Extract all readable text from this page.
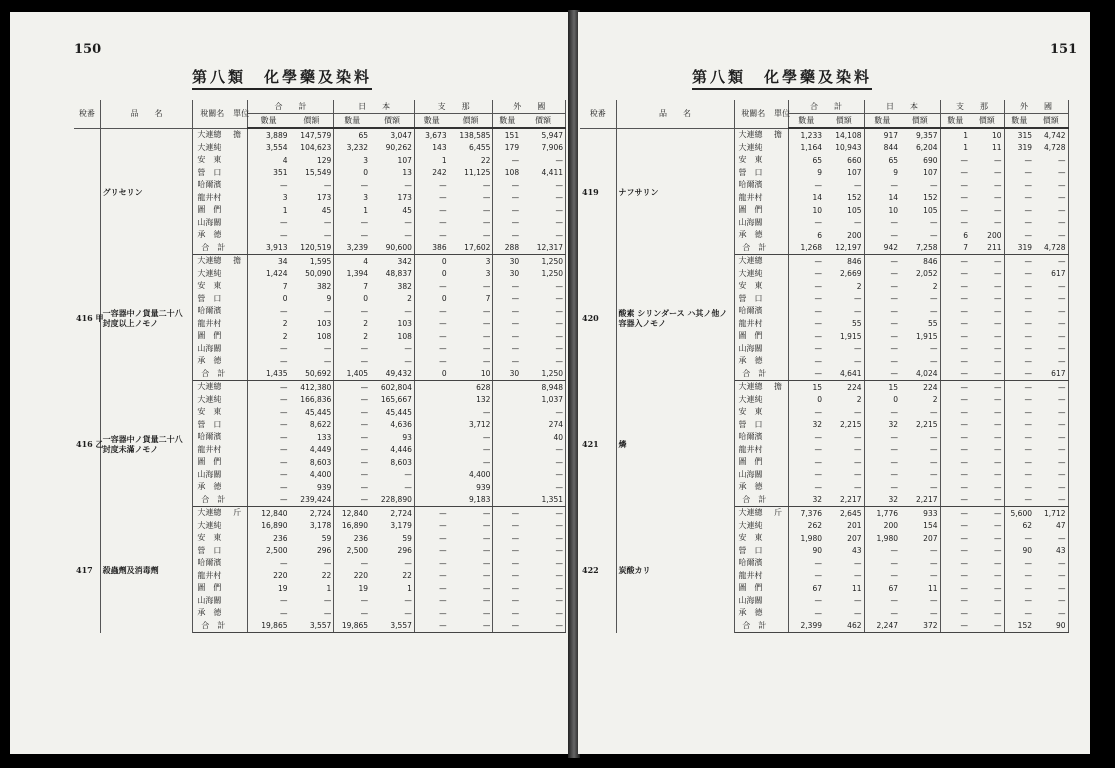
150
第八類　化學藥及染料
稅番	品　　名	稅關名	單位	合　　計		日　　本		支　　那		外　　國	
				數量	價額	數量	價額	數量	價額	數量	價額
	グリセリン	大連總	擔	3,889	147,579	65	3,047	3,673	138,585	151	5,947
		大連純		3,554	104,623	3,232	90,262	143	6,455	179	7,906
		安　東		4	129	3	107	1	22	—	—
		營　口		351	15,549	0	13	242	11,125	108	4,411
		哈爾濱		—	—	—	—	—	—	—	—
		龍井村		3	173	3	173	—	—	—	—
		圖　們		1	45	1	45	—	—	—	—
		山海關		—	—	—	—	—	—	—	—
		承　德		—	—	—	—	—	—	—	—
		合　計		3,913	120,519	3,239	90,600	386	17,602	288	12,317
416 甲	一容器中ノ貨量二十八封度以上ノモノ	大連總	擔	34	1,595	4	342	0	3	30	1,250
		大連純		1,424	50,090	1,394	48,837	0	3	30	1,250
		安　東		7	382	7	382	—	—	—	—
		營　口		0	9	0	2	0	7	—	—
		哈爾濱		—	—	—	—	—	—	—	—
		龍井村		2	103	2	103	—	—	—	—
		圖　們		2	108	2	108	—	—	—	—
		山海關		—	—	—	—	—	—	—	—
		承　德		—	—	—	—	—	—	—	—
		合　計		1,435	50,692	1,405	49,432	0	10	30	1,250
416 乙	一容器中ノ貨量二十八封度未滿ノモノ	大連總		—	412,380	—	602,804		628		8,948
		大連純		—	166,836	—	165,667		132		1,037
		安　東		—	45,445	—	45,445		—		—
		營　口		—	8,622	—	4,636		3,712		274
		哈爾濱		—	133	—	93		—		40
		龍井村		—	4,449	—	4,446		—		—
		圖　們		—	8,603	—	8,603		—		—
		山海關		—	4,400	—	—		4,400		—
		承　德		—	939	—	—		939		—
		合　計		—	239,424	—	228,890		9,183		1,351
417	殺蟲劑及消毒劑	大連總	斤	12,840	2,724	12,840	2,724	—	—	—	—
		大連純		16,890	3,178	16,890	3,179	—	—	—	—
		安　東		236	59	236	59	—	—	—	—
		營　口		2,500	296	2,500	296	—	—	—	—
		哈爾濱		—	—	—	—	—	—	—	—
		龍井村		220	22	220	22	—	—	—	—
		圖　們		19	1	19	1	—	—	—	—
		山海關		—	—	—	—	—	—	—	—
		承　德		—	—	—	—	—	—	—	—
		合　計		19,865	3,557	19,865	3,557	—	—	—	—
151
第八類　化學藥及染料
稅番	品　　名	稅關名	單位	合　　計		日　　本		支　　那		外　　國	
				數量	價額	數量	價額	數量	價額	數量	價額
419	ナフサリン	大連總	擔	1,233	14,108	917	9,357	1	10	315	4,742
		大連純		1,164	10,943	844	6,204	1	11	319	4,728
		安　東		65	660	65	690	—	—	—	—
		營　口		9	107	9	107	—	—	—	—
		哈爾濱		—	—	—	—	—	—	—	—
		龍井村		14	152	14	152	—	—	—	—
		圖　們		10	105	10	105	—	—	—	—
		山海關		—	—	—	—	—	—	—	—
		承　德		6	200	—	—	6	200	—	—
		合　計		1,268	12,197	942	7,258	7	211	319	4,728
420	酸素 シリンダース ハ其ノ他ノ容器入ノモノ	大連總		—	846	—	846	—	—	—	—
		大連純		—	2,669	—	2,052	—	—	—	617
		安　東		—	2	—	2	—	—	—	—
		營　口		—	—	—	—	—	—	—	—
		哈爾濱		—	—	—	—	—	—	—	—
		龍井村		—	55	—	55	—	—	—	—
		圖　們		—	1,915	—	1,915	—	—	—	—
		山海關		—	—	—	—	—	—	—	—
		承　德		—	—	—	—	—	—	—	—
		合　計		—	4,641	—	4,024	—	—	—	617
421	燐	大連總	擔	15	224	15	224	—	—	—	—
		大連純		0	2	0	2	—	—	—	—
		安　東		—	—	—	—	—	—	—	—
		營　口		32	2,215	32	2,215	—	—	—	—
		哈爾濱		—	—	—	—	—	—	—	—
		龍井村		—	—	—	—	—	—	—	—
		圖　們		—	—	—	—	—	—	—	—
		山海關		—	—	—	—	—	—	—	—
		承　德		—	—	—	—	—	—	—	—
		合　計		32	2,217	32	2,217	—	—	—	—
422	炭酸カリ	大連總	斤	7,376	2,645	1,776	933	—	—	5,600	1,712
		大連純		262	201	200	154	—	—	62	47
		安　東		1,980	207	1,980	207	—	—	—	—
		營　口		90	43	—	—	—	—	90	43
		哈爾濱		—	—	—	—	—	—	—	—
		龍井村		—	—	—	—	—	—	—	—
		圖　們		67	11	67	11	—	—	—	—
		山海關		—	—	—	—	—	—	—	—
		承　德		—	—	—	—	—	—	—	—
		合　計		2,399	462	2,247	372	—	—	152	90
